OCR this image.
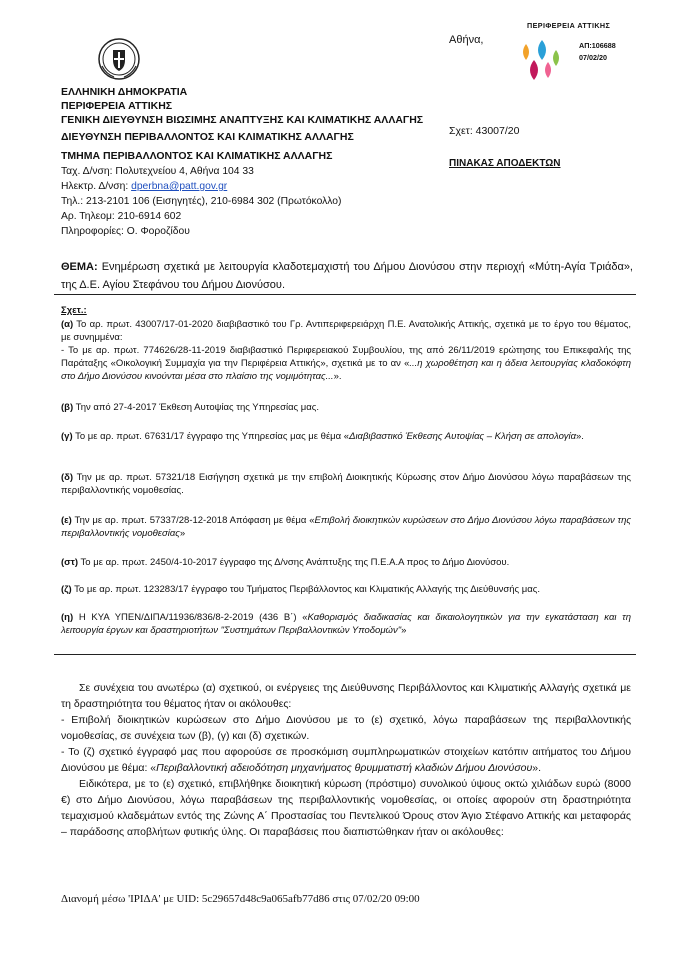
ΕΛΛΗΝΙΚΗ ΔΗΜΟΚΡΑΤΙΑ
ΠΕΡΙΦΕΡΕΙΑ ΑΤΤΙΚΗΣ
ΓΕΝΙΚΗ ΔΙΕΥΘΥΝΣΗ ΒΙΩΣΙΜΗΣ ΑΝΑΠΤΥΞΗΣ ΚΑΙ ΚΛΙΜΑΤΙΚΗΣ ΑΛΛΑΓΗΣ
ΔΙΕΥΘΥΝΣΗ ΠΕΡΙΒΑΛΛΟΝΤΟΣ ΚΑΙ ΚΛΙΜΑΤΙΚΗΣ ΑΛΛΑΓΗΣ
ΤΜΗΜΑ ΠΕΡΙΒΑΛΛΟΝΤΟΣ ΚΑΙ ΚΛΙΜΑΤΙΚΗΣ ΑΛΛΑΓΗΣ
Ταχ. Δ/νση: Πολυτεχνείου 4, Αθήνα 104 33
Ηλεκτρ. Δ/νση: dperbna@patt.gov.gr
Τηλ.: 213-2101 106 (Εισηγητές), 210-6984 302 (Πρωτόκολλο)
Αρ. Τηλεομ: 210-6914 602
Πληροφορίες: Ο. Φοροζίδου
Αθήνα,
ΠΕΡΙΦΕΡΕΙΑ ΑΤΤΙΚΗΣ
ΑΠ:106688
07/02/20
Σχετ: 43007/20
ΠΙΝΑΚΑΣ ΑΠΟΔΕΚΤΩΝ
ΘΕΜΑ: Ενημέρωση σχετικά με λειτουργία κλαδοτεμαχιστή του Δήμου Διονύσου στην περιοχή «Μύτη-Αγία Τριάδα», της Δ.Ε. Αγίου Στεφάνου του Δήμου Διονύσου.
Σχετ.:

(α) Το αρ. πρωτ. 43007/17-01-2020 διαβιβαστικό του Γρ. Αντιπεριφερειάρχη Π.Ε. Ανατολικής Αττικής, σχετικά με το έργο του θέματος, με συνημμένα:

- Το με αρ. πρωτ. 774626/28-11-2019 διαβιβαστικό Περιφερειακού Συμβουλίου, της από 26/11/2019 ερώτησης του Επικεφαλής της Παράταξης «Οικολογική Συμμαχία για την Περιφέρεια Αττικής», σχετικά με το αν «...η χωροθέτηση και η άδεια λειτουργίας κλαδοκόφτη στο Δήμο Διονύσου κινούνται μέσα στο πλαίσιο της νομιμότητας...».

(β) Την από 27-4-2017 Έκθεση Αυτοψίας της Υπηρεσίας μας.
(γ) Το με αρ. πρωτ. 67631/17 έγγραφο της Υπηρεσίας μας με θέμα «Διαβιβαστικό Έκθεσης Αυτοψίας – Κλήση σε απολογία».
(δ) Την με αρ. πρωτ. 57321/18 Εισήγηση σχετικά με την επιβολή Διοικητικής Κύρωσης στον Δήμο Διονύσου λόγω παραβάσεων της περιβαλλοντικής νομοθεσίας.
(ε) Την με αρ. πρωτ. 57337/28-12-2018 Απόφαση με θέμα «Επιβολή διοικητικών κυρώσεων στο Δήμο Διονύσου λόγω παραβάσεων της περιβαλλοντικής νομοθεσίας»
(στ) Το με αρ. πρωτ. 2450/4-10-2017 έγγραφο της Δ/νσης Ανάπτυξης της Π.Ε.Α.Α προς το Δήμο Διονύσου.
(ζ) Το με αρ. πρωτ. 123283/17 έγγραφο του Τμήματος Περιβάλλοντος και Κλιματικής Αλλαγής της Διεύθυνσής μας.
(η) Η ΚΥΑ ΥΠΕΝ/ΔΙΠΑ/11936/836/8-2-2019 (436 Β΄) «Καθορισμός διαδικασίας και δικαιολογητικών για την εγκατάσταση και τη λειτουργία έργων και δραστηριοτήτων "Συστημάτων Περιβαλλοντικών Υποδομών"»

Σε συνέχεια του ανωτέρω (α) σχετικού, οι ενέργειες της Διεύθυνσης Περιβάλλοντος και Κλιματικής Αλλαγής σχετικά με τη δραστηριότητα του θέματος ήταν οι ακόλουθες:

- Επιβολή διοικητικών κυρώσεων στο Δήμο Διονύσου με το (ε) σχετικό, λόγω παραβάσεων της περιβαλλοντικής νομοθεσίας, σε συνέχεια των (β), (γ) και (δ) σχετικών.

- Το (ζ) σχετικό έγγραφό μας που αφορούσε σε προσκόμιση συμπληρωματικών στοιχείων κατόπιν αιτήματος του Δήμου Διονύσου με θέμα: «Περιβαλλοντική αδειοδότηση μηχανήματος θρυμματιστή κλαδιών Δήμου Διονύσου».

Ειδικότερα, με το (ε) σχετικό, επιβλήθηκε διοικητική κύρωση (πρόστιμο) συνολικού ύψους οκτώ χιλιάδων ευρώ (8000 €) στο Δήμο Διονύσου, λόγω παραβάσεων της περιβαλλοντικής νομοθεσίας, οι οποίες αφορούν στη δραστηριότητα τεμαχισμού κλαδεμάτων εντός της Ζώνης Α΄ Προστασίας του Πεντελικού Όρους στον Άγιο Στέφανο Αττικής και μεταφοράς – παράδοσης αποβλήτων φυτικής ύλης. Οι παραβάσεις που διαπιστώθηκαν ήταν οι ακόλουθες:

Διανομή μέσω 'ΙΡΙΔΑ' με UID: 5c29657d48c9a065afb77d86 στις 07/02/20 09:00
